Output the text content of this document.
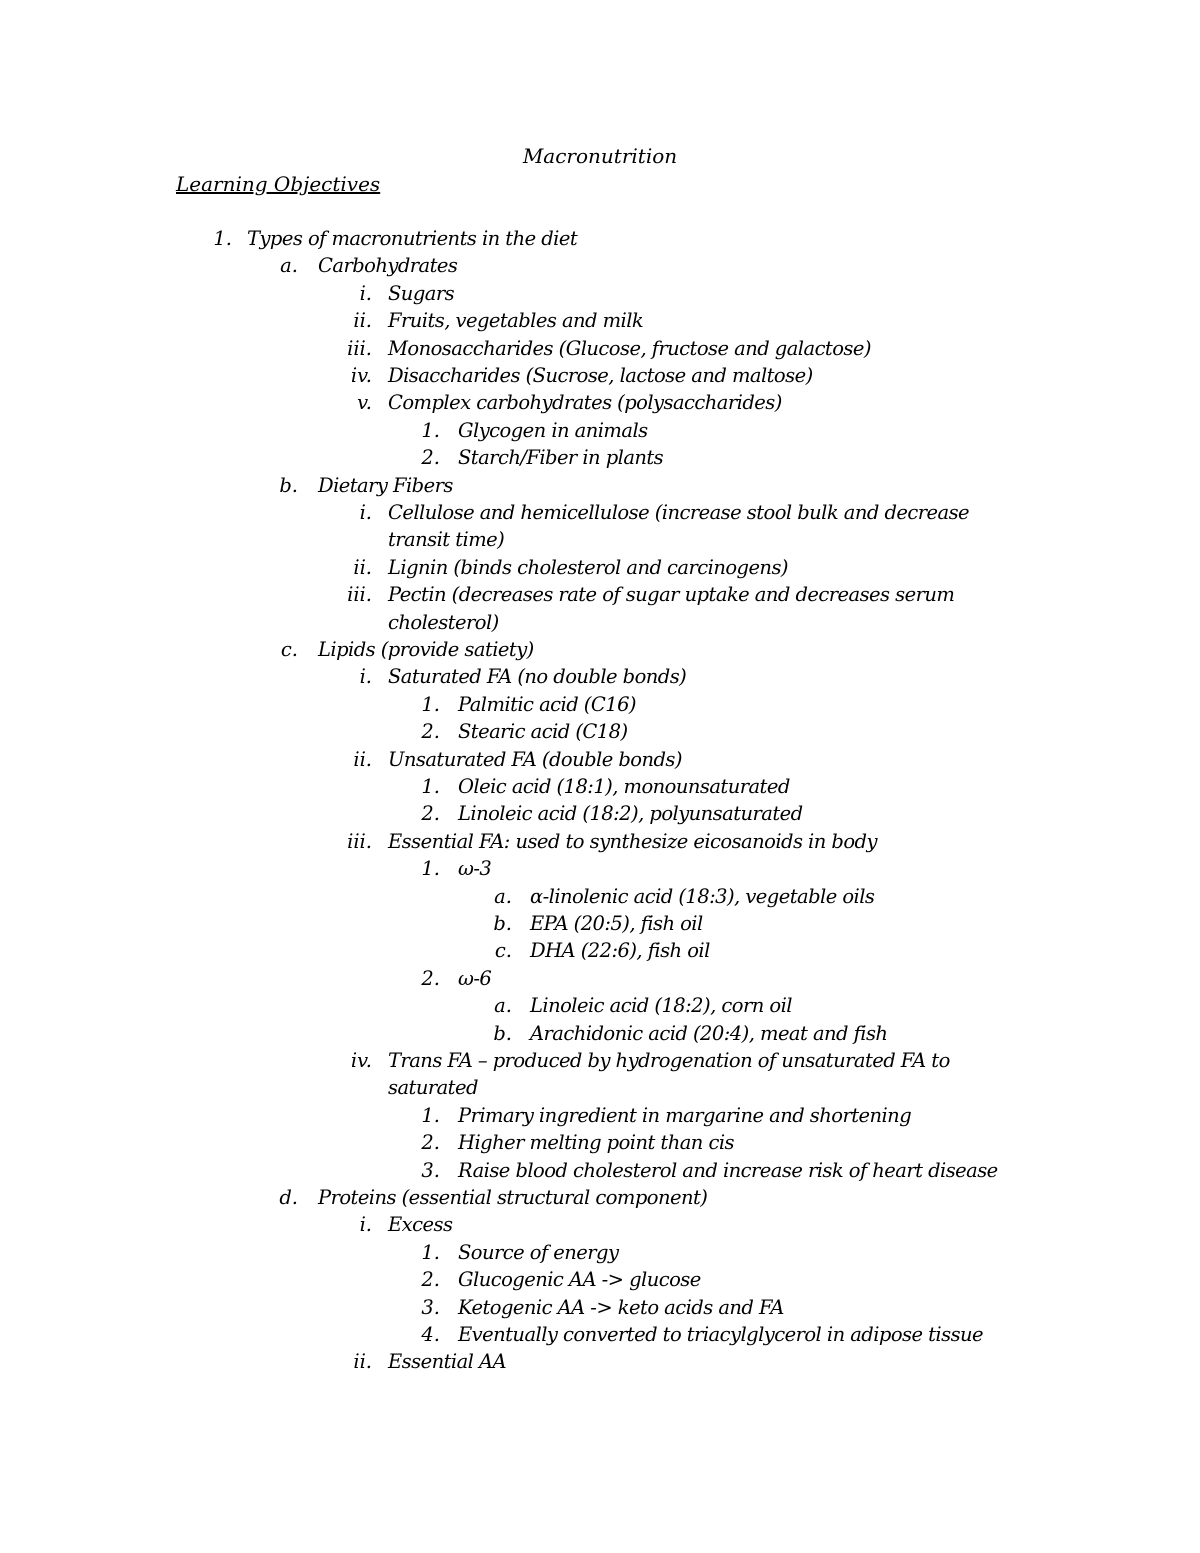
Macronutrition
Learning Objectives
1. Types of macronutrients in the diet
a. Carbohydrates
i. Sugars
ii. Fruits, vegetables and milk
iii. Monosaccharides (Glucose, fructose and galactose)
iv. Disaccharides (Sucrose, lactose and maltose)
v. Complex carbohydrates (polysaccharides)
1. Glycogen in animals
2. Starch/Fiber in plants
b. Dietary Fibers
i. Cellulose and hemicellulose (increase stool bulk and decrease
transit time)
ii. Lignin (binds cholesterol and carcinogens)
iii. Pectin (decreases rate of sugar uptake and decreases serum
cholesterol)
c. Lipids (provide satiety)
i. Saturated FA (no double bonds)
1. Palmitic acid (C16)
2. Stearic acid (C18)
ii. Unsaturated FA (double bonds)
1. Oleic acid (18:1), monounsaturated
2. Linoleic acid (18:2), polyunsaturated
iii. Essential FA: used to synthesize eicosanoids in body
1. ω-3
a. α-linolenic acid (18:3), vegetable oils
b. EPA (20:5), fish oil
c. DHA (22:6), fish oil
2. ω-6
a. Linoleic acid (18:2), corn oil
b. Arachidonic acid (20:4), meat and fish
iv. Trans FA – produced by hydrogenation of unsaturated FA to
saturated
1. Primary ingredient in margarine and shortening
2. Higher melting point than cis
3. Raise blood cholesterol and increase risk of heart disease
d. Proteins (essential structural component)
i. Excess
1. Source of energy
2. Glucogenic AA -> glucose
3. Ketogenic AA -> keto acids and FA
4. Eventually converted to triacylglycerol in adipose tissue
ii. Essential AA
